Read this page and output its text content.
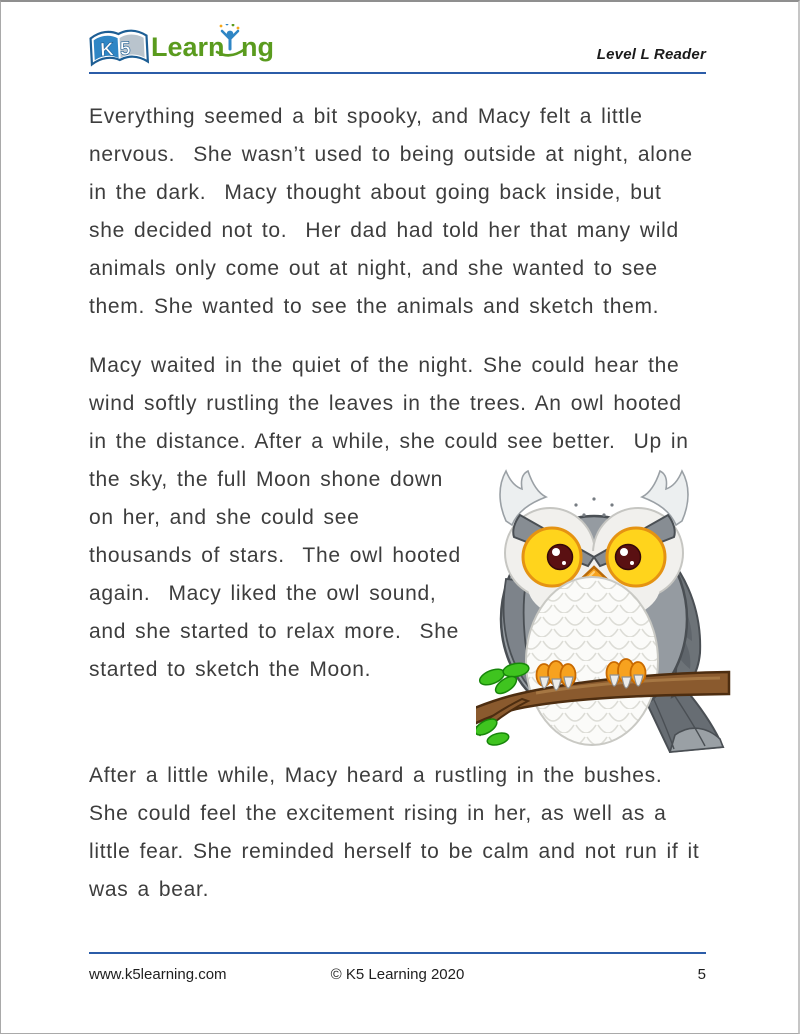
K5 Learn ng	Level L Reader

Everything seemed a bit spooky, and Macy felt a little nervous.  She wasn’t used to being outside at night, alone in the dark.  Macy thought about going back inside, but she decided not to.  Her dad had told her that many wild animals only come out at night, and she wanted to see them. She wanted to see the animals and sketch them.

Macy waited in the quiet of the night. She could hear the wind softly rustling the leaves in the trees. An owl hooted in the distance. After a while, she could see
better.  Up in the sky, the full Moon shone down on her, and she could see thousands of stars.  The owl hooted again.  Macy liked the owl sound, and she started to relax more.  She started to sketch the Moon.

After a little while, Macy heard a rustling in the bushes. She could feel the excitement rising in her, as well as a little fear. She reminded herself to be calm and not run if it was a bear.

www.k5learning.com	© K5 Learning 2020	5
